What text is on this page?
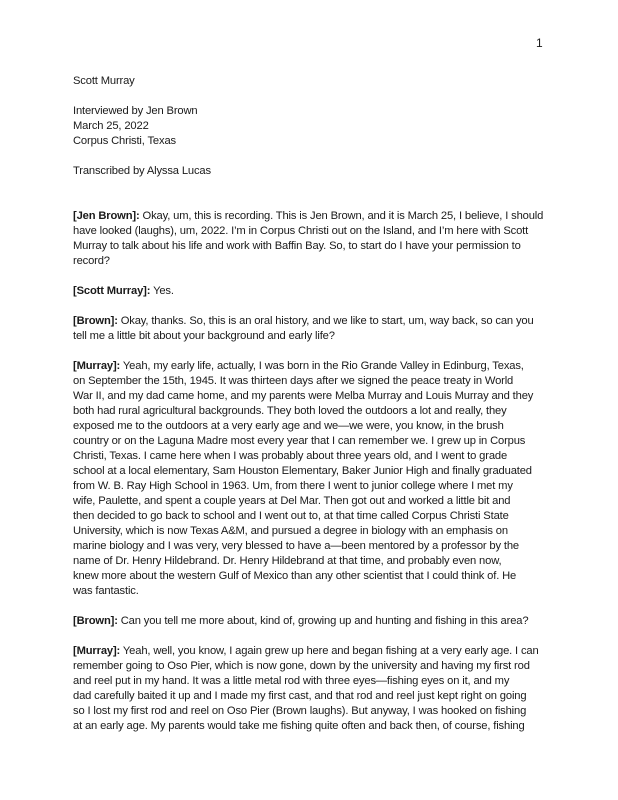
1
Scott Murray
Interviewed by Jen Brown
March 25, 2022
Corpus Christi, Texas
Transcribed by Alyssa Lucas
[Jen Brown]: Okay, um, this is recording. This is Jen Brown, and it is March 25, I believe, I should
have looked (laughs), um, 2022. I’m in Corpus Christi out on the Island, and I’m here with Scott
Murray to talk about his life and work with Baffin Bay. So, to start do I have your permission to
record?
[Scott Murray]: Yes.
[Brown]: Okay, thanks. So, this is an oral history, and we like to start, um, way back, so can you
tell me a little bit about your background and early life?
[Murray]: Yeah, my early life, actually, I was born in the Rio Grande Valley in Edinburg, Texas,
on September the 15th, 1945. It was thirteen days after we signed the peace treaty in World
War II, and my dad came home, and my parents were Melba Murray and Louis Murray and they
both had rural agricultural backgrounds. They both loved the outdoors a lot and really, they
exposed me to the outdoors at a very early age and we—we were, you know, in the brush
country or on the Laguna Madre most every year that I can remember we. I grew up in Corpus
Christi, Texas. I came here when I was probably about three years old, and I went to grade
school at a local elementary, Sam Houston Elementary, Baker Junior High and finally graduated
from W. B. Ray High School in 1963. Um, from there I went to junior college where I met my
wife, Paulette, and spent a couple years at Del Mar. Then got out and worked a little bit and
then decided to go back to school and I went out to, at that time called Corpus Christi State
University, which is now Texas A&M, and pursued a degree in biology with an emphasis on
marine biology and I was very, very blessed to have a—been mentored by a professor by the
name of Dr. Henry Hildebrand. Dr. Henry Hildebrand at that time, and probably even now,
knew more about the western Gulf of Mexico than any other scientist that I could think of. He
was fantastic.
[Brown]: Can you tell me more about, kind of, growing up and hunting and fishing in this area?
[Murray]: Yeah, well, you know, I again grew up here and began fishing at a very early age. I can
remember going to Oso Pier, which is now gone, down by the university and having my first rod
and reel put in my hand. It was a little metal rod with three eyes—fishing eyes on it, and my
dad carefully baited it up and I made my first cast, and that rod and reel just kept right on going
so I lost my first rod and reel on Oso Pier (Brown laughs). But anyway, I was hooked on fishing
at an early age. My parents would take me fishing quite often and back then, of course, fishing
